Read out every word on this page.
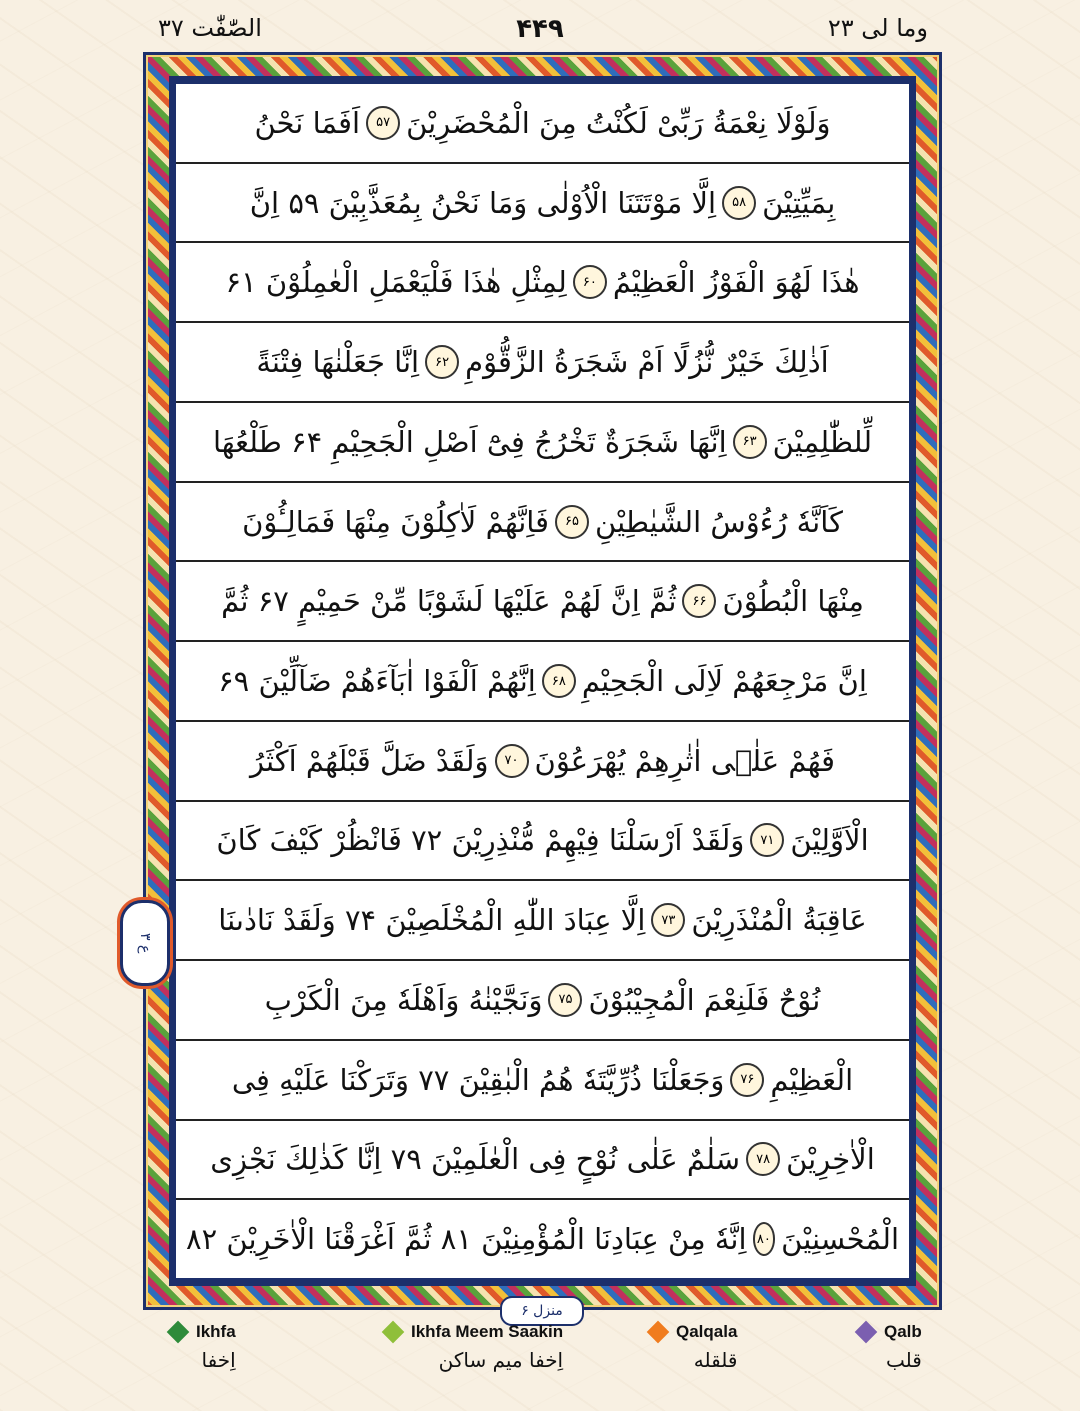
وما لی ۲۳
۴۴۹
الصّٰفّٰت ۳۷
وَلَوْلَا نِعْمَةُ رَبِّیْ لَكُنْتُ مِنَ الْمُحْضَرِیْنَ
۵۷
اَفَمَا نَحْنُ
بِمَیِّتِیْنَ
۵۸
اِلَّا مَوْتَتَنَا الْاُوْلٰی وَمَا نَحْنُ بِمُعَذَّبِیْنَ ۵۹ اِنَّ
هٰذَا لَهُوَ الْفَوْزُ الْعَظِیْمُ
۶۰
لِمِثْلِ هٰذَا فَلْیَعْمَلِ الْعٰمِلُوْنَ ۶۱
اَذٰلِكَ خَیْرٌ نُّزُلًا اَمْ شَجَرَةُ الزَّقُّوْمِ
۶۲
اِنَّا جَعَلْنٰهَا فِتْنَةً
لِّلظّٰلِمِیْنَ
۶۳
اِنَّهَا شَجَرَةٌ تَخْرُجُ فِیْٓ اَصْلِ الْجَحِیْمِ ۶۴ طَلْعُهَا
كَاَنَّهٗ رُءُوْسُ الشَّیٰطِیْنِ
۶۵
فَاِنَّهُمْ لَاٰكِلُوْنَ مِنْهَا فَمَالِـُٔوْنَ
مِنْهَا الْبُطُوْنَ
۶۶
ثُمَّ اِنَّ لَهُمْ عَلَیْهَا لَشَوْبًا مِّنْ حَمِیْمٍ ۶۷ ثُمَّ
اِنَّ مَرْجِعَهُمْ لَاِلَى الْجَحِیْمِ
۶۸
اِنَّهُمْ اَلْفَوْا اٰبَآءَهُمْ ضَآلِّیْنَ ۶۹
فَهُمْ عَلٰۤی اٰثٰرِهِمْ یُهْرَعُوْنَ
۷۰
وَلَقَدْ ضَلَّ قَبْلَهُمْ اَكْثَرُ
الْاَوَّلِیْنَ
۷۱
وَلَقَدْ اَرْسَلْنَا فِیْهِمْ مُّنْذِرِیْنَ ۷۲ فَانْظُرْ كَیْفَ كَانَ
عَاقِبَةُ الْمُنْذَرِیْنَ
۷۳
اِلَّا عِبَادَ اللّٰهِ الْمُخْلَصِیْنَ ۷۴ وَلَقَدْ نَادٰىنَا
نُوْحٌ فَلَنِعْمَ الْمُجِیْبُوْنَ
۷۵
وَنَجَّیْنٰهُ وَاَهْلَهٗ مِنَ الْكَرْبِ
الْعَظِیْمِ
۷۶
وَجَعَلْنَا ذُرِّیَّتَهٗ هُمُ الْبٰقِیْنَ ۷۷ وَتَرَكْنَا عَلَیْهِ فِی
الْاٰخِرِیْنَ
۷۸
سَلٰمٌ عَلٰی نُوْحٍ فِی الْعٰلَمِیْنَ ۷۹ اِنَّا كَذٰلِكَ نَجْزِی
الْمُحْسِنِیْنَ
۸۰
اِنَّهٗ مِنْ عِبَادِنَا الْمُؤْمِنِیْنَ ۸۱ ثُمَّ اَغْرَقْنَا الْاٰخَرِیْنَ ۸۲
ع ۳
منزل ۶
Ikhfa
اِخفا
Ikhfa Meem Saakin
اِخفا میم ساکن
Qalqala
قلقله
Qalb
قلب
